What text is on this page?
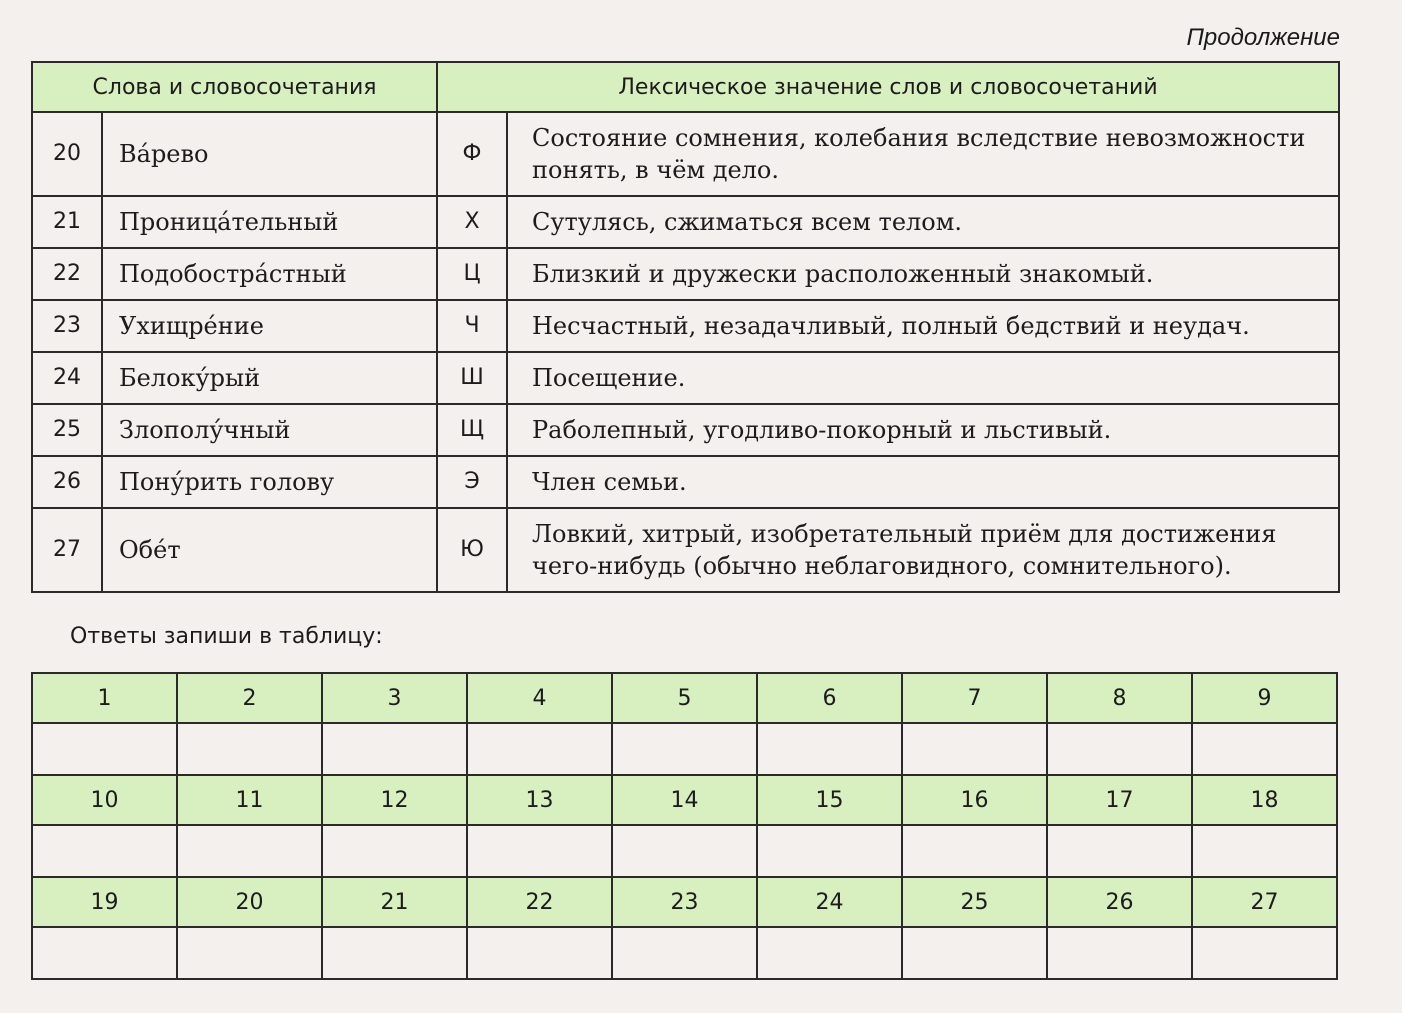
Продолжение
Слова и словосочетания		Лексическое значение слов и словосочетаний	
20	Ва́рево	Ф	Состояние сомнения, колебания вследствие невозможности понять, в чём дело.
21	Проница́тельный	Х	Сутулясь, сжиматься всем телом.
22	Подобостра́стный	Ц	Близкий и дружески расположенный знакомый.
23	Ухищре́ние	Ч	Несчастный, незадачливый, полный бедствий и неудач.
24	Белоку́рый	Ш	Посещение.
25	Злополу́чный	Щ	Раболепный, угодливо-покорный и льстивый.
26	Пону́рить голову	Э	Член семьи.
27	Обе́т	Ю	Ловкий, хитрый, изобретательный приём для достижения чего-нибудь (обычно неблаговидного, сомнительного).
Ответы запиши в таблицу:
1	2	3	4	5	6	7	8	9

10	11	12	13	14	15	16	17	18

19	20	21	22	23	24	25	26	27
